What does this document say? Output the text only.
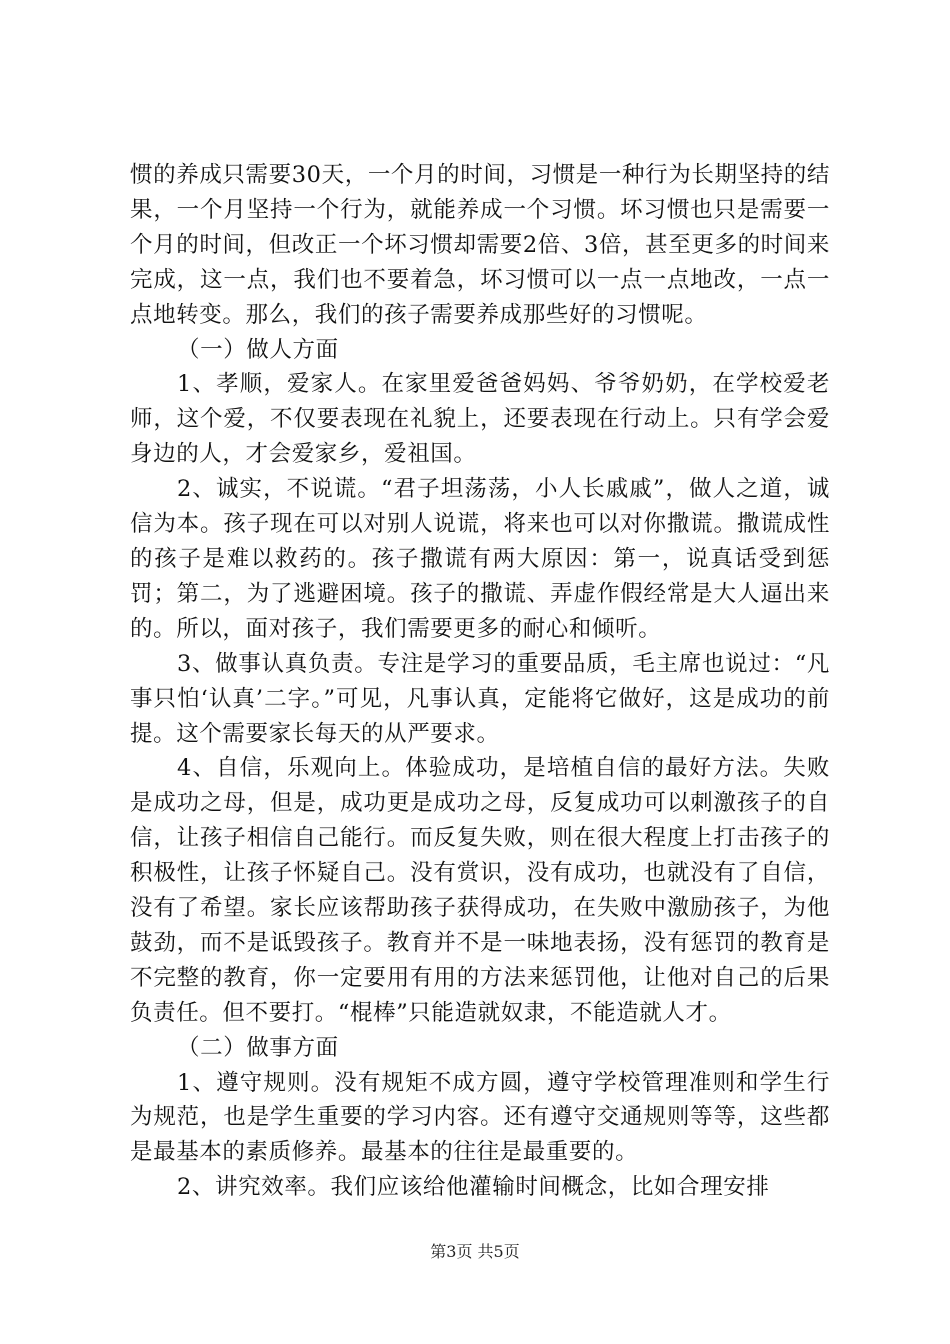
惯的养成只需要30天，一个月的时间，习惯是一种行为长期坚持的结果，一个月坚持一个行为，就能养成一个习惯。坏习惯也只是需要一个月的时间，但改正一个坏习惯却需要2倍、3倍，甚至更多的时间来完成，这一点，我们也不要着急，坏习惯可以一点一点地改，一点一点地转变。那么，我们的孩子需要养成那些好的习惯呢。

（一）做人方面

1、孝顺，爱家人。在家里爱爸爸妈妈、爷爷奶奶，在学校爱老师，这个爱，不仅要表现在礼貌上，还要表现在行动上。只有学会爱身边的人，才会爱家乡，爱祖国。

2、诚实，不说谎。“君子坦荡荡，小人长戚戚”，做人之道，诚信为本。孩子现在可以对别人说谎，将来也可以对你撒谎。撒谎成性的孩子是难以救药的。孩子撒谎有两大原因：第一，说真话受到惩罚；第二，为了逃避困境。孩子的撒谎、弄虚作假经常是大人逼出来的。所以，面对孩子，我们需要更多的耐心和倾听。

3、做事认真负责。专注是学习的重要品质，毛主席也说过：“凡事只怕‘认真’二字。”可见，凡事认真，定能将它做好，这是成功的前提。这个需要家长每天的从严要求。

4、自信，乐观向上。体验成功，是培植自信的最好方法。失败是成功之母，但是，成功更是成功之母，反复成功可以刺激孩子的自信，让孩子相信自己能行。而反复失败，则在很大程度上打击孩子的积极性，让孩子怀疑自己。没有赏识，没有成功，也就没有了自信，没有了希望。家长应该帮助孩子获得成功，在失败中激励孩子，为他鼓劲，而不是诋毁孩子。教育并不是一味地表扬，没有惩罚的教育是不完整的教育，你一定要用有用的方法来惩罚他，让他对自己的后果负责任。但不要打。“棍棒”只能造就奴隶，不能造就人才。

（二）做事方面

1、遵守规则。没有规矩不成方圆，遵守学校管理准则和学生行为规范，也是学生重要的学习内容。还有遵守交通规则等等，这些都是最基本的素质修养。最基本的往往是最重要的。

2、讲究效率。我们应该给他灌输时间概念，比如合理安排

第3页 共5页
